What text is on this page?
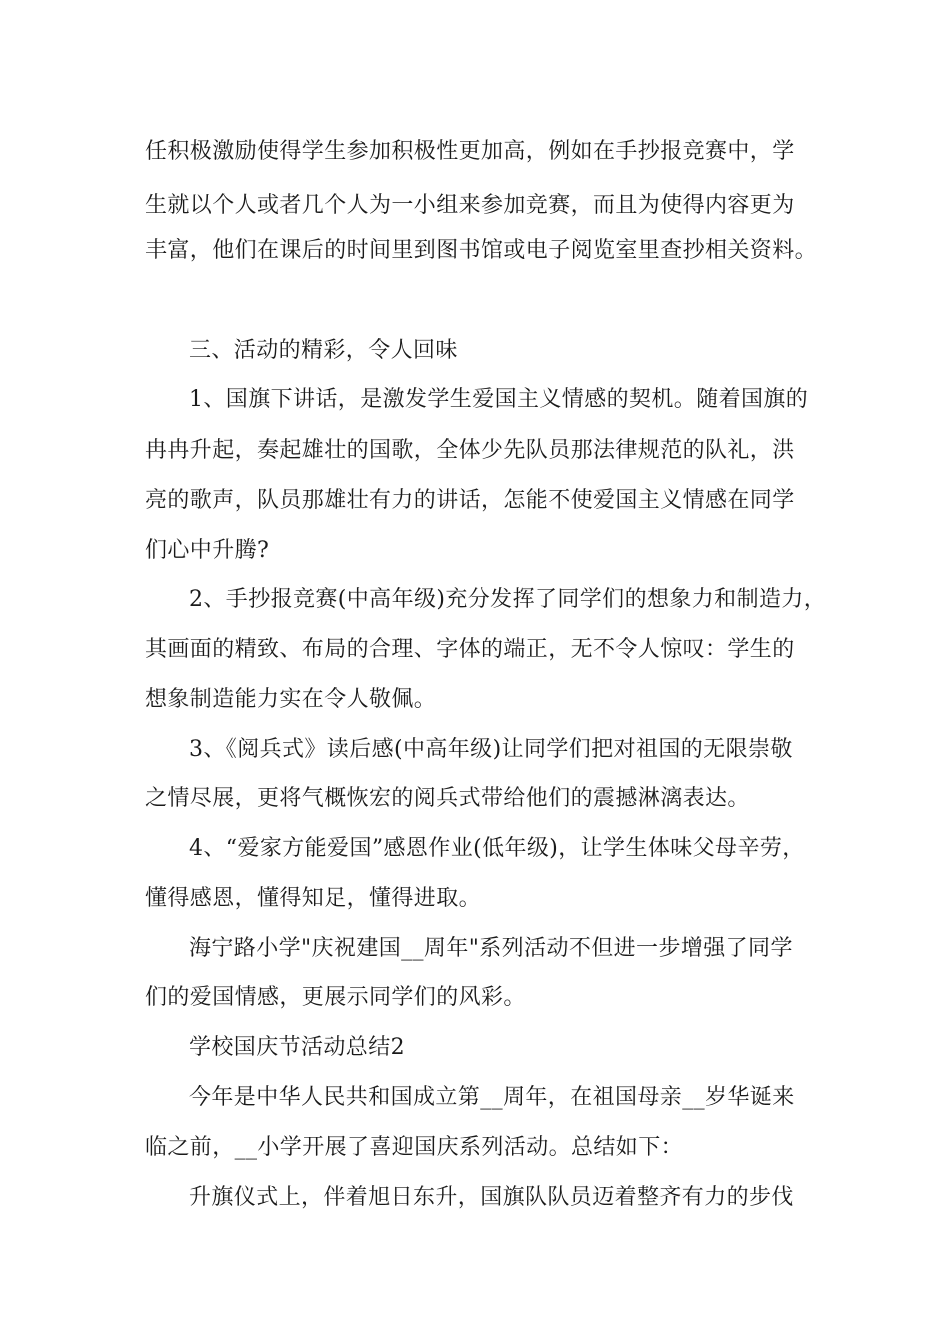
任积极激励使得学生参加积极性更加高，例如在手抄报竞赛中，学
生就以个人或者几个人为一小组来参加竞赛，而且为使得内容更为
丰富，他们在课后的时间里到图书馆或电子阅览室里查抄相关资料。
三、活动的精彩，令人回味
1、国旗下讲话，是激发学生爱国主义情感的契机。随着国旗的
冉冉升起，奏起雄壮的国歌，全体少先队员那法律规范的队礼，洪
亮的歌声，队员那雄壮有力的讲话，怎能不使爱国主义情感在同学
们心中升腾?
2、手抄报竞赛(中高年级)充分发挥了同学们的想象力和制造力，
其画面的精致、布局的合理、字体的端正，无不令人惊叹：学生的
想象制造能力实在令人敬佩。
3、《阅兵式》读后感(中高年级)让同学们把对祖国的无限崇敬
之情尽展，更将气概恢宏的阅兵式带给他们的震撼淋漓表达。
4、“爱家方能爱国”感恩作业(低年级)，让学生体味父母辛劳，
懂得感恩，懂得知足，懂得进取。
海宁路小学"庆祝建国__周年"系列活动不但进一步增强了同学
们的爱国情感，更展示同学们的风彩。
学校国庆节活动总结2
今年是中华人民共和国成立第__周年，在祖国母亲__岁华诞来
临之前，__小学开展了喜迎国庆系列活动。总结如下：
升旗仪式上，伴着旭日东升，国旗队队员迈着整齐有力的步伐
